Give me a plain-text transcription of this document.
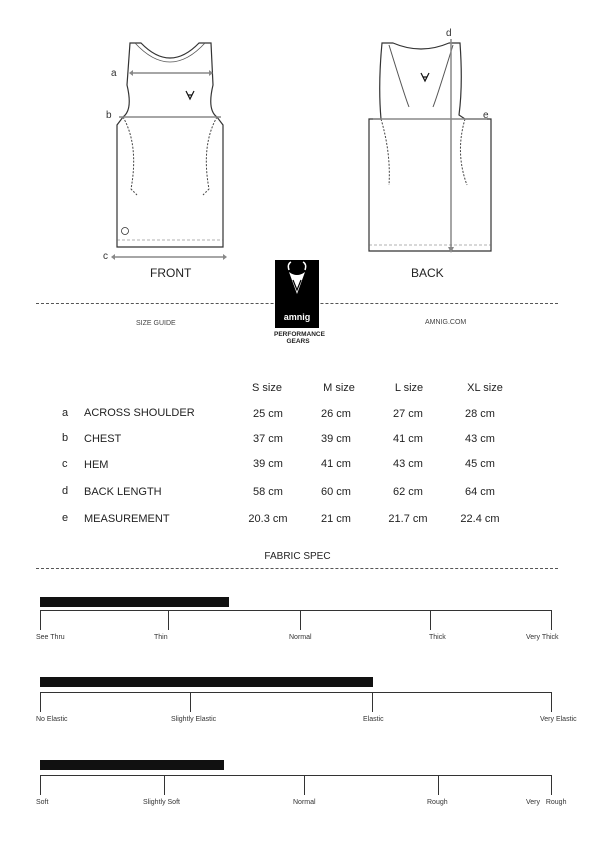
a
b
c
FRONT
d
e
BACK
SIZE GUIDE	AMNIG.COM
amnig
PERFORMANCE
GEARS
S size	M size	L size	XL size
a ACROSS SHOULDER	25 cm	26 cm	27 cm	28 cm
b CHEST	37 cm	39 cm	41 cm	43 cm
c HEM	39 cm	41 cm	43 cm	45 cm
d BACK LENGTH	58 cm	60 cm	62 cm	64 cm
e MEASUREMENT	20.3 cm	21 cm	21.7 cm	22.4 cm
FABRIC SPEC
See Thru	Thin	Normal	Thick	Very Thick
No Elastic	Slightly Elastic	Elastic	Very Elastic
Soft	Slightly Soft	Normal	Rough	Very   Rough
